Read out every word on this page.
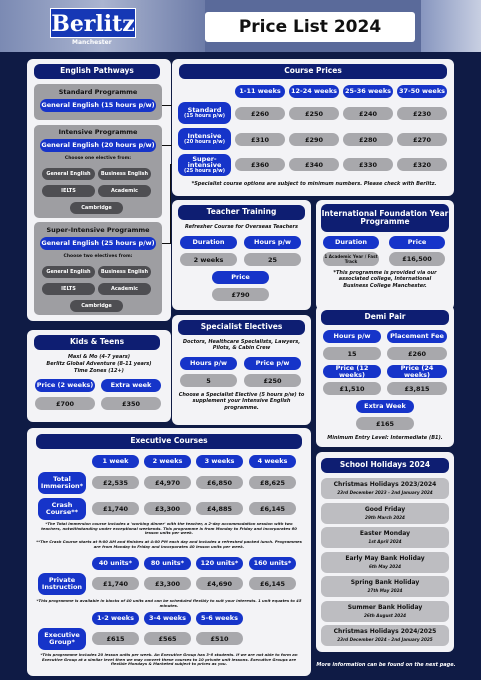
Berlitz
Manchester
Price List 2024
English Pathways
Standard Programme
General English (15 hours p/w)
Intensive Programme
General English (20 hours p/w)
Choose one elective from:
General English	Business English
IELTS	Academic
Cambridge
Super-Intensive Programme
General English (25 hours p/w)
Choose two electives from:
General English	Business English
IELTS	Academic
Cambridge
Course Prices
1-11 weeks	12-24 weeks	25-36 weeks	37-50 weeks
Standard
(15 hours p/w)	£260	£250	£240	£230
Intensive
(20 hours p/w)	£310	£290	£280	£270
Super-intensive
(25 hours p/w)
£360	£340	£330	£320
*Specialist course options are subject to minimum numbers. Please check with Berlitz.
Teacher Training
Refresher Course for Overseas Teachers
Duration	Hours p/w
2 weeks	25
Price
£790
International Foundation Year Programme
Duration	Price
1 Academic Year / Fast Track	£16,500
*This programme is provided via our associated college, International Business College Manchester.
Kids & Teens
Maxi & Mo (4-7 years)
Berlitz Global Adventure (8-11 years)
Time Zones (12+)
Price (2 weeks)	Extra week
£700	£350
Specialist Electives
Doctors, Healthcare Specialists, Lawyers, Pilots, & Cabin Crew
Hours p/w	Price p/w
5	£250
Choose a Specialist Elective (5 hours p/w) to supplement your Intensive English programme.
Demi Pair
Hours p/w	Placement Fee
15	£260
Price (12 weeks)
Price (24 weeks)
£1,510	£3,815
Extra Week
£165
Minimum Entry Level: Intermediate (B1).
Executive Courses
1 week	2 weeks	3 weeks	4 weeks
Total Immersion*	£2,535	£4,970	£6,850	£8,625
Crash Course**	£1,740	£3,300	£4,885	£6,145
*The Total Immersion course includes a 'working dinner' with the teacher, a 2-day accommodation session with two teachers, notwithstanding under exceptional weekends. This programme is from Monday to Friday and incorporates 60 lesson units per week.
**The Crash Course starts at 9:00 AM and finishes at 4:00 PM each day and includes a refreshed packed lunch. Programmes are from Monday to Friday and incorporates 40 lesson units per week.
40 units*	80 units*	120 units*	160 units*
Private Instruction	£1,740	£3,300	£4,690	£6,145
*This programme is available in blocks of 40 units and can be scheduled flexibly to suit your interests. 1 unit equates to 45 minutes.
1-2 weeks	3-4 weeks	5-6 weeks
Executive Group*	£615	£565	£510
*This programme includes 20 lesson units per week. An Executive Group has 3-6 students. If we are not able to form an Executive Group at a similar level then we may convert these courses to 10 private unit lessons. Executive Groups are flexible Mondays & Marketed subject to prices as you.
School Holidays 2024
Christmas Holidays 2023/2024
23rd December 2023 - 2nd January 2024
Good Friday
29th March 2024
Easter Monday
1st April 2024
Early May Bank Holiday
6th May 2024
Spring Bank Holiday
27th May 2024
Summer Bank Holiday
26th August 2024
Christmas Holidays 2024/2025
23rd December 2024 - 2nd January 2025
More information can be found on the next page.
